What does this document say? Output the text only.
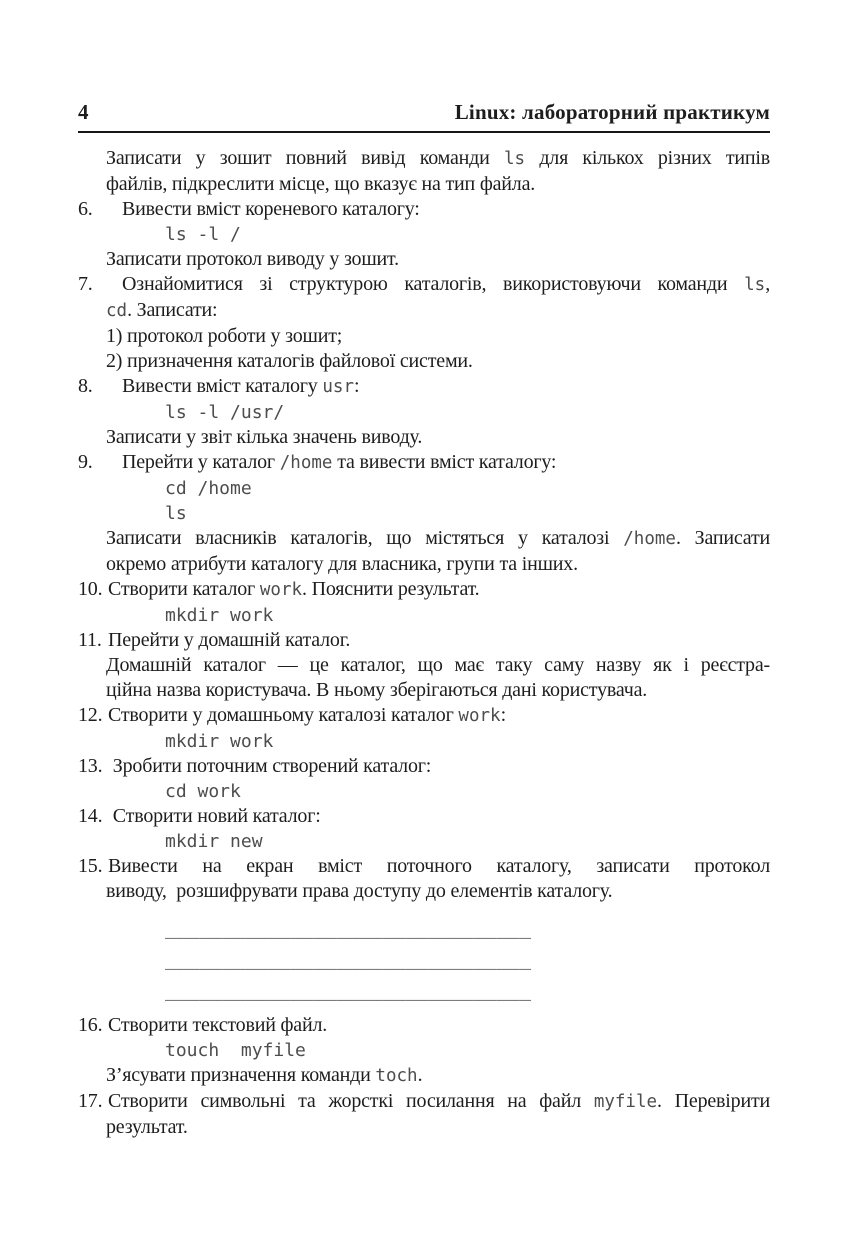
4	Linux: лабораторний практикум
Записати у зошит повний вивід команди ls для кількох різних типів
файлів, підкреслити місце, що вказує на тип файла.
6. Вивести вміст кореневого каталогу:
ls -l /
Записати протокол виводу у зошит.
7. Ознайомитися зі структурою каталогів, використовуючи команди ls,
cd. Записати:
1) протокол роботи у зошит;
2) призначення каталогів файлової системи.
8. Вивести вміст каталогу usr:
ls -l /usr/
Записати у звіт кілька значень виводу.
9. Перейти у каталог /home та вивести вміст каталогу:
cd /home
ls
Записати власників каталогів, що містяться у каталозі /home. Записати
окремо атрибути каталогу для власника, групи та інших.
10. Створити каталог work. Пояснити результат.
mkdir work
11. Перейти у домашній каталог.
Домашній каталог — це каталог, що має таку саму назву як і реєстра-
ційна назва користувача. В ньому зберігаються дані користувача.
12. Створити у домашньому каталозі каталог work:
mkdir work
13. Зробити поточним створений каталог:
cd work
14. Створити новий каталог:
mkdir new
15. Вивести на екран вміст поточного каталогу, записати протокол
виводу,  розшифрувати права доступу до елементів каталогу.
________________________________
________________________________
________________________________
16. Створити текстовий файл.
touch  myfile
З’ясувати призначення команди toch.
17. Створити символьні та жорсткі посилання на файл myfile. Перевірити
результат.
